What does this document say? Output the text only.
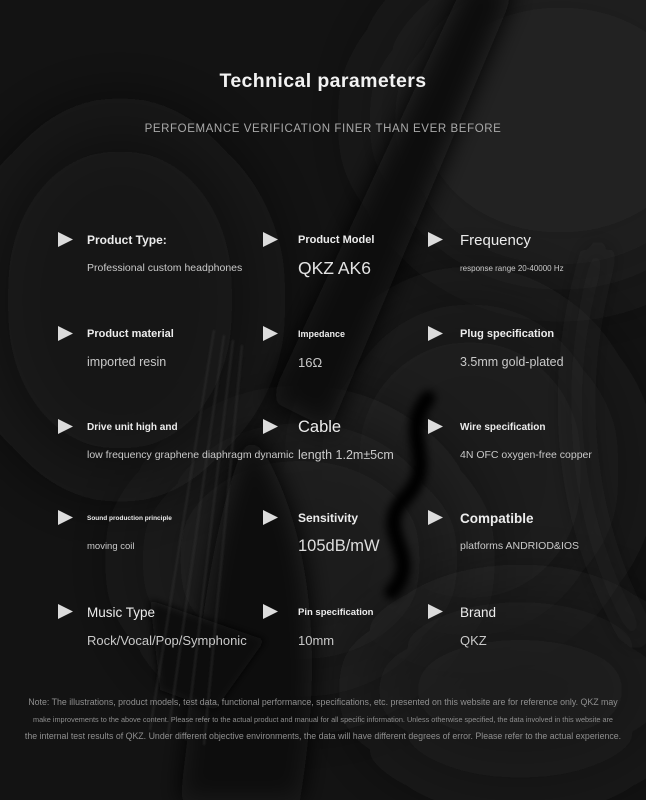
Technical parameters
PERFOEMANCE VERIFICATION FINER THAN EVER BEFORE
Product Type:
Professional custom headphones
Product Model
QKZ AK6
Frequency
response range 20-40000 Hz
Product material
imported resin
Impedance
16Ω
Plug specification
3.5mm gold-plated
Drive unit high and
low frequency graphene diaphragm dynamic
Cable
length 1.2m±5cm
Wire specification
4N OFC oxygen-free copper
Sound production principle
moving coil
Sensitivity
105dB/mW
Compatible
platforms ANDRIOD&IOS
Music Type
Rock/Vocal/Pop/Symphonic
Pin specification
10mm
Brand
QKZ
Note: The illustrations, product models, test data, functional performance, specifications, etc. presented on this website are for reference only. QKZ may
make improvements to the above content. Please refer to the actual product and manual for all specific information. Unless otherwise specified, the data involved in this website are
the internal test results of QKZ. Under different objective environments, the data will have different degrees of error. Please refer to the actual experience.
